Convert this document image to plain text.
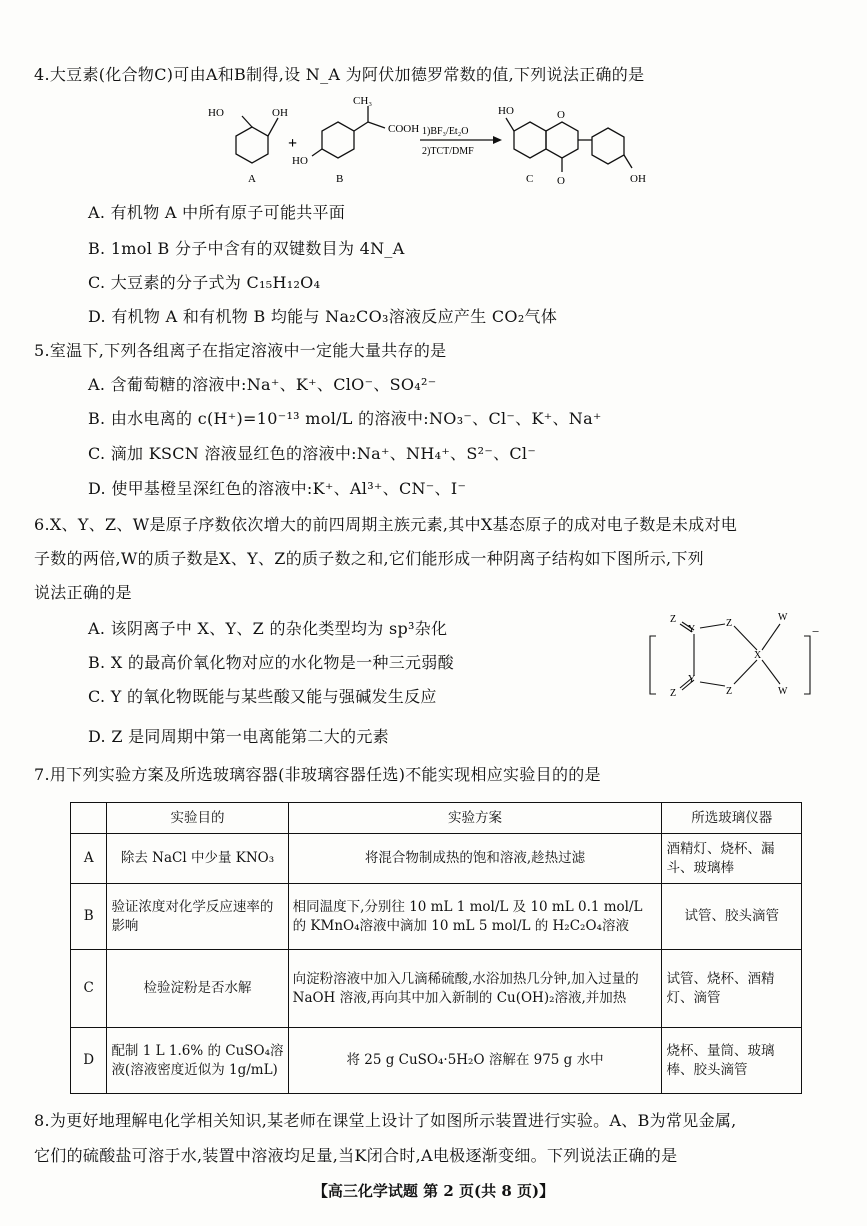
4.大豆素(化合物C)可由A和B制得,设 N_A 为阿伏加德罗常数的值,下列说法正确的是
HO	OH
A
+
CH₃
COOH
HO
B
1)BF₃/Et₂O
2)TCT/DMF
HO	O
O	OH
C
A. 有机物 A 中所有原子可能共平面
B. 1mol B 分子中含有的双键数目为 4N_A
C. 大豆素的分子式为 C₁₅H₁₂O₄
D. 有机物 A 和有机物 B 均能与 Na₂CO₃溶液反应产生 CO₂气体
5.室温下,下列各组离子在指定溶液中一定能大量共存的是
A. 含葡萄糖的溶液中:Na⁺、K⁺、ClO⁻、SO₄²⁻
B. 由水电离的 c(H⁺)=10⁻¹³ mol/L 的溶液中:NO₃⁻、Cl⁻、K⁺、Na⁺
C. 滴加 KSCN 溶液显红色的溶液中:Na⁺、NH₄⁺、S²⁻、Cl⁻
D. 使甲基橙呈深红色的溶液中:K⁺、Al³⁺、CN⁻、I⁻
6.X、Y、Z、W是原子序数依次增大的前四周期主族元素,其中X基态原子的成对电子数是未成对电
子数的两倍,W的质子数是X、Y、Z的质子数之和,它们能形成一种阴离子结构如下图所示,下列
说法正确的是
A. 该阴离子中 X、Y、Z 的杂化类型均为 sp³杂化
B. X 的最高价氧化物对应的水化物是一种三元弱酸
C. Y 的氧化物既能与某些酸又能与强碱发生反应
D. Z 是同周期中第一电离能第二大的元素
Z
Y
Z
W
X
Y
Z	Z	W
−
7.用下列实验方案及所选玻璃容器(非玻璃容器任选)不能实现相应实验目的的是
	实验目的	实验方案	所选玻璃仪器
A	除去 NaCl 中少量 KNO₃	将混合物制成热的饱和溶液,趁热过滤	酒精灯、烧杯、漏斗、玻璃棒
B	验证浓度对化学反应速率的影响	相同温度下,分别往 10 mL 1 mol/L 及 10 mL 0.1 mol/L 的 KMnO₄溶液中滴加 10 mL 5 mol/L 的 H₂C₂O₄溶液	试管、胶头滴管
C	检验淀粉是否水解	向淀粉溶液中加入几滴稀硫酸,水浴加热几分钟,加入过量的 NaOH 溶液,再向其中加入新制的 Cu(OH)₂溶液,并加热	试管、烧杯、酒精灯、滴管
D	配制 1 L 1.6% 的 CuSO₄溶液(溶液密度近似为 1g/mL)	将 25 g CuSO₄·5H₂O 溶解在 975 g 水中	烧杯、量筒、玻璃棒、胶头滴管
8.为更好地理解电化学相关知识,某老师在课堂上设计了如图所示装置进行实验。A、B为常见金属,
它们的硫酸盐可溶于水,装置中溶液均足量,当K闭合时,A电极逐渐变细。下列说法正确的是
【高三化学试题 第 2 页(共 8 页)】
